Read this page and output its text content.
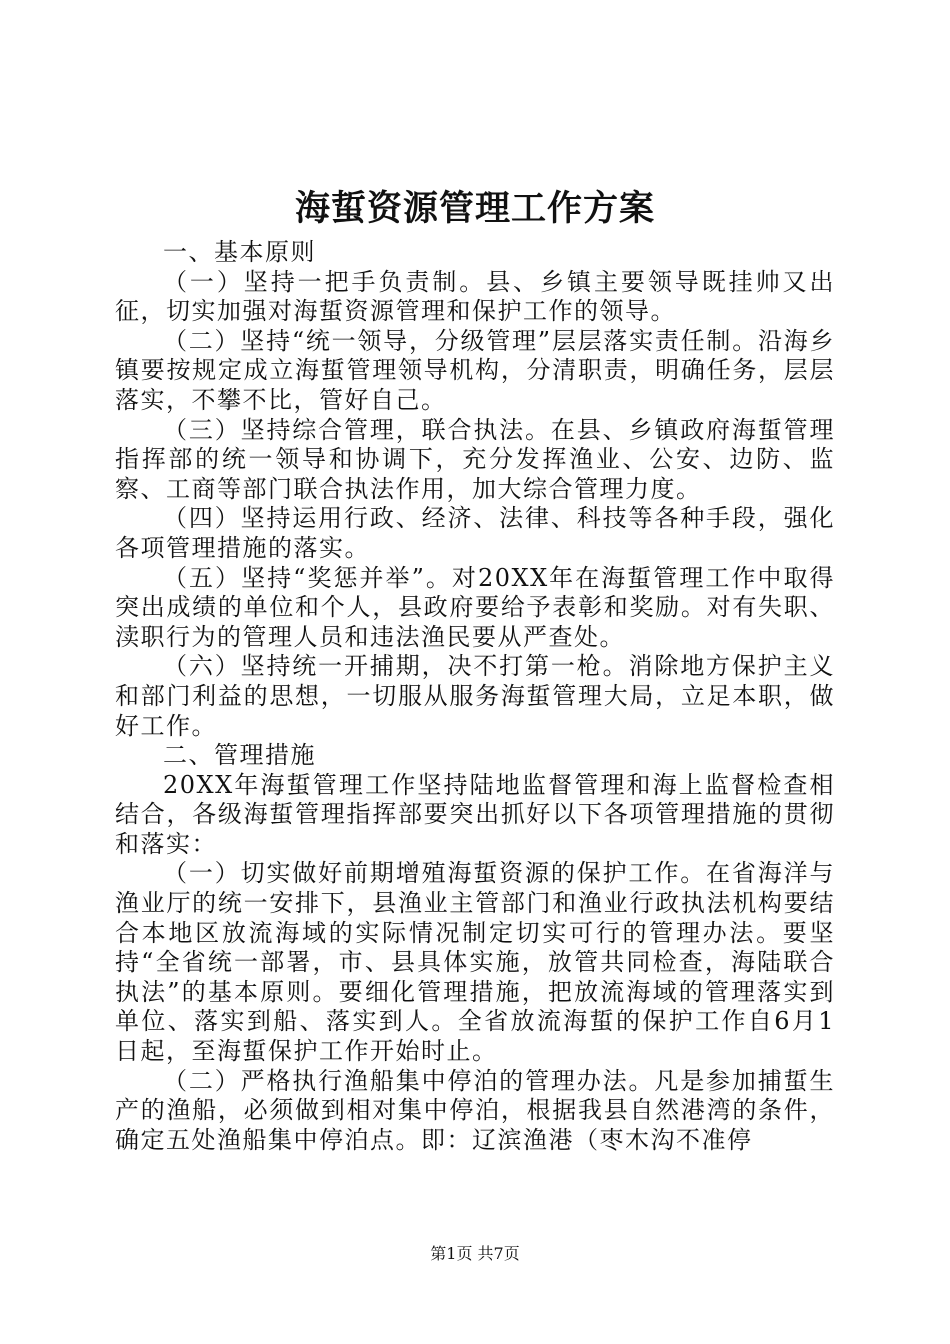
海蜇资源管理工作方案

一、基本原则

（一）坚持一把手负责制。县、乡镇主要领导既挂帅又出征，切实加强对海蜇资源管理和保护工作的领导。

（二）坚持“统一领导，分级管理”层层落实责任制。沿海乡镇要按规定成立海蜇管理领导机构，分清职责，明确任务，层层落实，不攀不比，管好自己。

（三）坚持综合管理，联合执法。在县、乡镇政府海蜇管理指挥部的统一领导和协调下，充分发挥渔业、公安、边防、监察、工商等部门联合执法作用，加大综合管理力度。

（四）坚持运用行政、经济、法律、科技等各种手段，强化各项管理措施的落实。

（五）坚持“奖惩并举”。对20XX年在海蜇管理工作中取得突出成绩的单位和个人，县政府要给予表彰和奖励。对有失职、渎职行为的管理人员和违法渔民要从严查处。

（六）坚持统一开捕期，决不打第一枪。消除地方保护主义和部门利益的思想，一切服从服务海蜇管理大局，立足本职，做好工作。

二、管理措施

20XX年海蜇管理工作坚持陆地监督管理和海上监督检查相结合，各级海蜇管理指挥部要突出抓好以下各项管理措施的贯彻和落实：

（一）切实做好前期增殖海蜇资源的保护工作。在省海洋与渔业厅的统一安排下，县渔业主管部门和渔业行政执法机构要结合本地区放流海域的实际情况制定切实可行的管理办法。要坚持“全省统一部署，市、县具体实施，放管共同检查，海陆联合执法”的基本原则。要细化管理措施，把放流海域的管理落实到单位、落实到船、落实到人。全省放流海蜇的保护工作自6月1日起，至海蜇保护工作开始时止。

（二）严格执行渔船集中停泊的管理办法。凡是参加捕蜇生产的渔船，必须做到相对集中停泊，根据我县自然港湾的条件，确定五处渔船集中停泊点。即：辽滨渔港（枣木沟不准停

第1页 共7页
